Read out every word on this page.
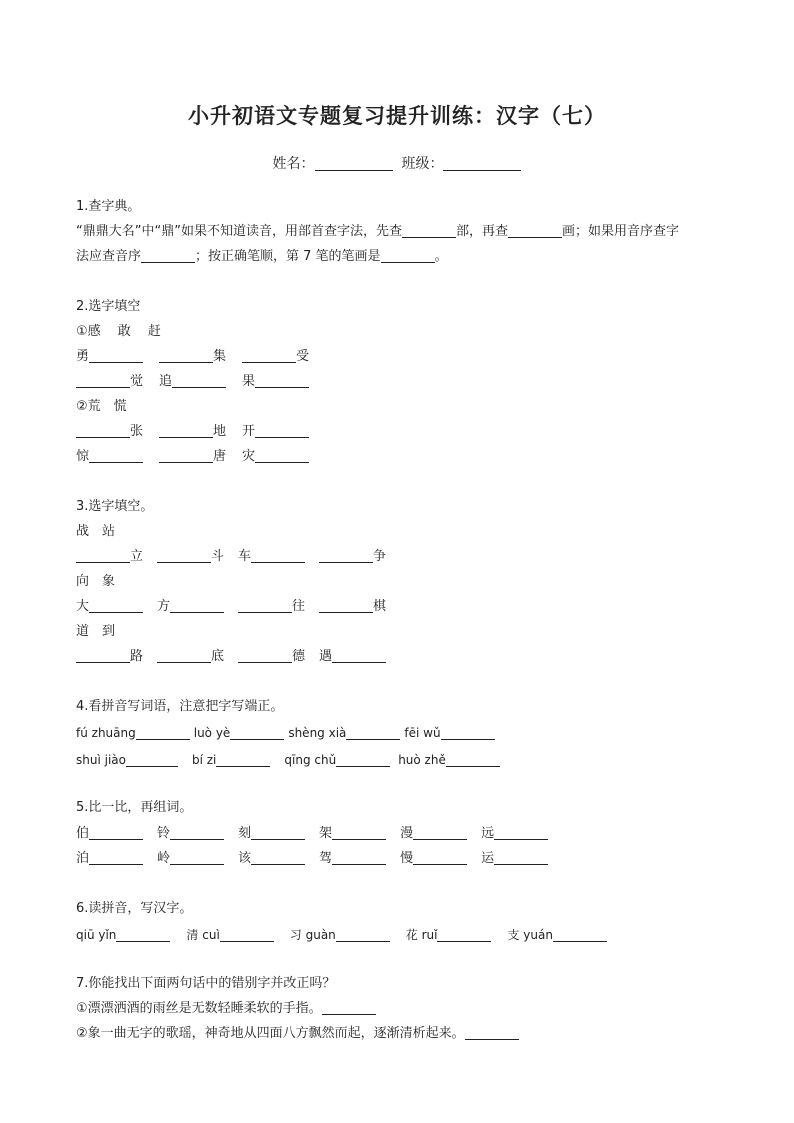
小升初语文专题复习提升训练：汉字（七）
姓名：	班级：
1.查字典。
“鼎鼎大名”中“鼎”如果不知道读音，用部首查字法，先查	部，再查	画；如果用音序查字
法应查音序	；按正确笔顺，第 7 笔的笔画是	。
2.选字填空
①感　 敢　 赶
勇	集	受
觉 追	果
②荒　慌
张	地 开
惊	唐 灾
3.选字填空。
战　站
立	斗 车	争
向　象
大	方	往	棋
道　到
路	底	德 遇
4.看拼音写词语，注意把字写端正。
fú zhuāng	luò yè	shèng xià	fēi wǔ
shuì jiào	bí zi	qīng chǔ	huò zhě
5.比一比，再组词。
伯	铃	刻	架	漫	远
泊	岭	该	驾	慢	运
6.读拼音，写汉字。
qiū yǐn	清 cuì	习 guàn	花 ruǐ	支 yuán
7.你能找出下面两句话中的错别字并改正吗？
①漂漂洒酒的雨丝是无数轻睡柔软的手指。
②象一曲无字的歌瑶，神奇地从四面八方飘然而起，逐渐清析起来。
